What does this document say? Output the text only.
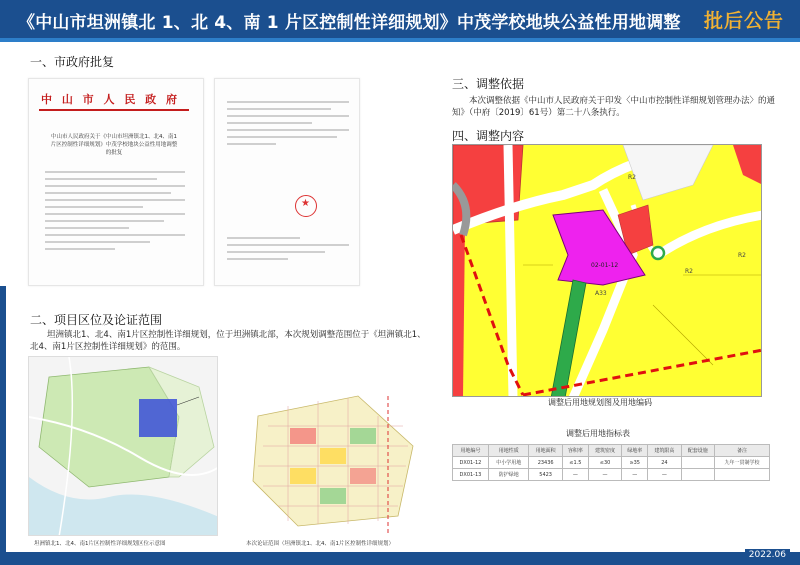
《中山市坦洲镇北 1、北 4、南 1 片区控制性详细规划》中茂学校地块公益性用地调整 批后公告
一、市政府批复
中 山 市 人 民 政 府
中山市人民政府关于《中山市坦洲镇北1、北4、南1片区控制性详细规划》中茂学校地块公益性用地调整的批复
★
二、项目区位及论证范围
坦洲镇北1、北4、南1片区控制性详细规划，位于坦洲镇北部，本次规划调整范围位于《坦洲镇北1、北4、南1片区控制性详细规划》的范围。
坦洲镇北1、北4、南1片区控制性详细规划区位示意图	本次论证范围（坦洲镇北1、北4、南1片区控制性详细规划）
三、调整依据
本次调整依据《中山市人民政府关于印发〈中山市控制性详细规划管理办法〉的通知》（中府〔2019〕61号）第二十八条执行。
四、调整内容
02-01-12
R2
R2
R2
A33
调整后用地规划图及用地编码
调整后用地指标表
用地编号	用地性质	用地面积	容积率	建筑密度	绿地率	建筑限高	配套设施	备注
DX01-12	中小学用地	23436	≤1.5	≤30	≥35	24		九年一贯制学校
DX01-13	防护绿地	5423	—	—	—	—		
2022.06
